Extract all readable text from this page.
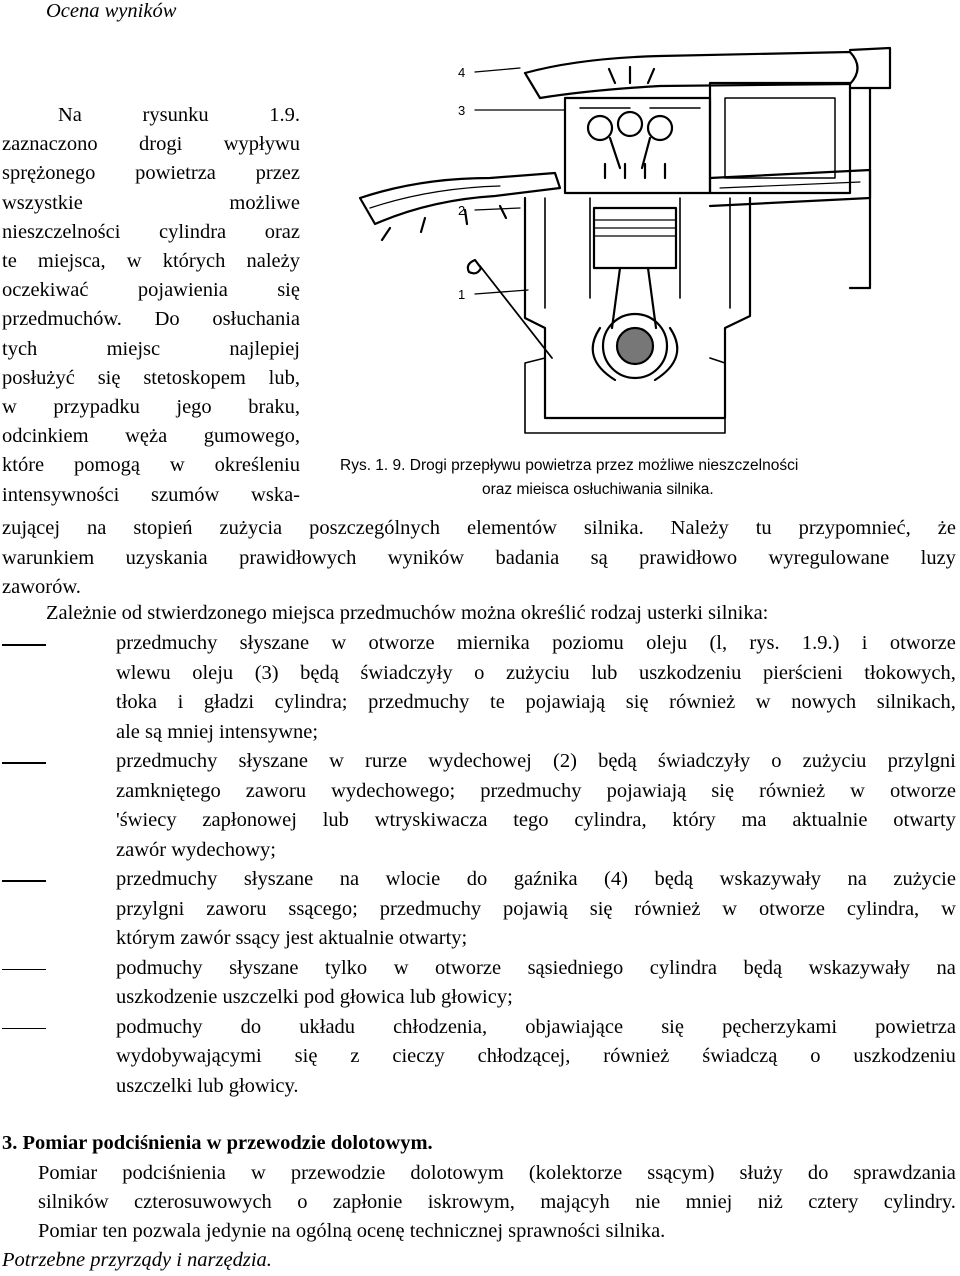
Ocena wyników
Na	rysunku	1.9.
zaznaczono drogi wypływu
sprężonego powietrza przez
wszystkie	możliwe
nieszczelności cylindra oraz
te miejsca, w których należy
oczekiwać pojawienia się
przedmuchów. Do osłuchania
tych	miejsc	najlepiej
posłużyć się stetoskopem lub,
w przypadku jego braku,
odcinkiem węża gumowego,
które pomogą w określeniu
intensywności szumów wska-
4
3
2
1
Rys. 1. 9. Drogi przepływu powietrza przez możliwe nieszczelności
oraz mieisca osłuchiwania silnika.
zującej na stopień zużycia poszczególnych elementów silnika. Należy tu przypomnieć, że
warunkiem uzyskania prawidłowych wyników badania są prawidłowo wyregulowane luzy
zaworów.
Zależnie od stwierdzonego miejsca przedmuchów można określić rodzaj usterki silnika:
przedmuchy słyszane w otworze miernika poziomu oleju (l, rys. 1.9.) i otworze
wlewu oleju (3) będą świadczyły o zużyciu lub uszkodzeniu pierścieni tłokowych,
tłoka i gładzi cylindra; przedmuchy te pojawiają się również w nowych silnikach,
ale są mniej intensywne;
przedmuchy słyszane w rurze wydechowej (2) będą świadczyły o zużyciu przylgni
zamkniętego zaworu wydechowego; przedmuchy pojawiają się również w otworze
'świecy zapłonowej lub wtryskiwacza tego cylindra, który ma aktualnie otwarty
zawór wydechowy;
przedmuchy słyszane na wlocie do gaźnika (4) będą wskazywały na zużycie
przylgni zaworu ssącego; przedmuchy pojawią się również w otworze cylindra, w
którym zawór ssący jest aktualnie otwarty;
podmuchy słyszane tylko w otworze sąsiedniego cylindra będą wskazywały na
uszkodzenie uszczelki pod głowica lub głowicy;
podmuchy do układu chłodzenia, objawiające się pęcherzykami powietrza
wydobywającymi się z cieczy chłodzącej, również świadczą o uszkodzeniu
uszczelki lub głowicy.
3. Pomiar podciśnienia w przewodzie dolotowym.
Pomiar podciśnienia w przewodzie dolotowym (kolektorze ssącym) służy do sprawdzania
silników czterosuwowych o zapłonie iskrowym, mającyh nie mniej niż cztery cylindry.
Pomiar ten pozwala jedynie na ogólną ocenę technicznej sprawności silnika.
Potrzebne przyrządy i narzędzia.
